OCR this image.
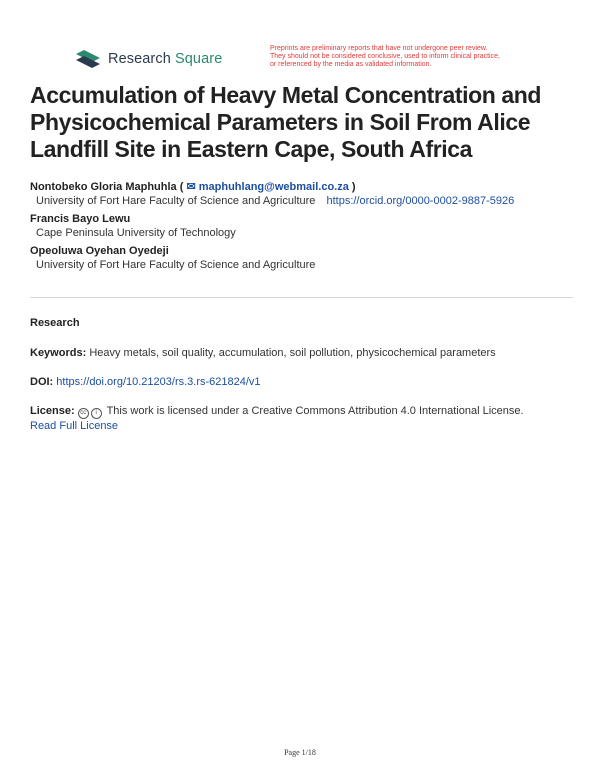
Research Square
Preprints are preliminary reports that have not undergone peer review.
They should not be considered conclusive, used to inform clinical practice,
or referenced by the media as validated information.
Accumulation of Heavy Metal Concentration and Physicochemical Parameters in Soil From Alice Landfill Site in Eastern Cape, South Africa
Nontobeko Gloria Maphuhla ( ✉ maphuhlang@webmail.co.za )
University of Fort Hare Faculty of Science and Agriculture https://orcid.org/0000-0002-9887-5926
Francis Bayo Lewu
Cape Peninsula University of Technology
Opeoluwa Oyehan Oyedeji
University of Fort Hare Faculty of Science and Agriculture
Research
Keywords: Heavy metals, soil quality, accumulation, soil pollution, physicochemical parameters
DOI: https://doi.org/10.21203/rs.3.rs-621824/v1
License: cc i This work is licensed under a Creative Commons Attribution 4.0 International License.
Read Full License
Page 1/18
